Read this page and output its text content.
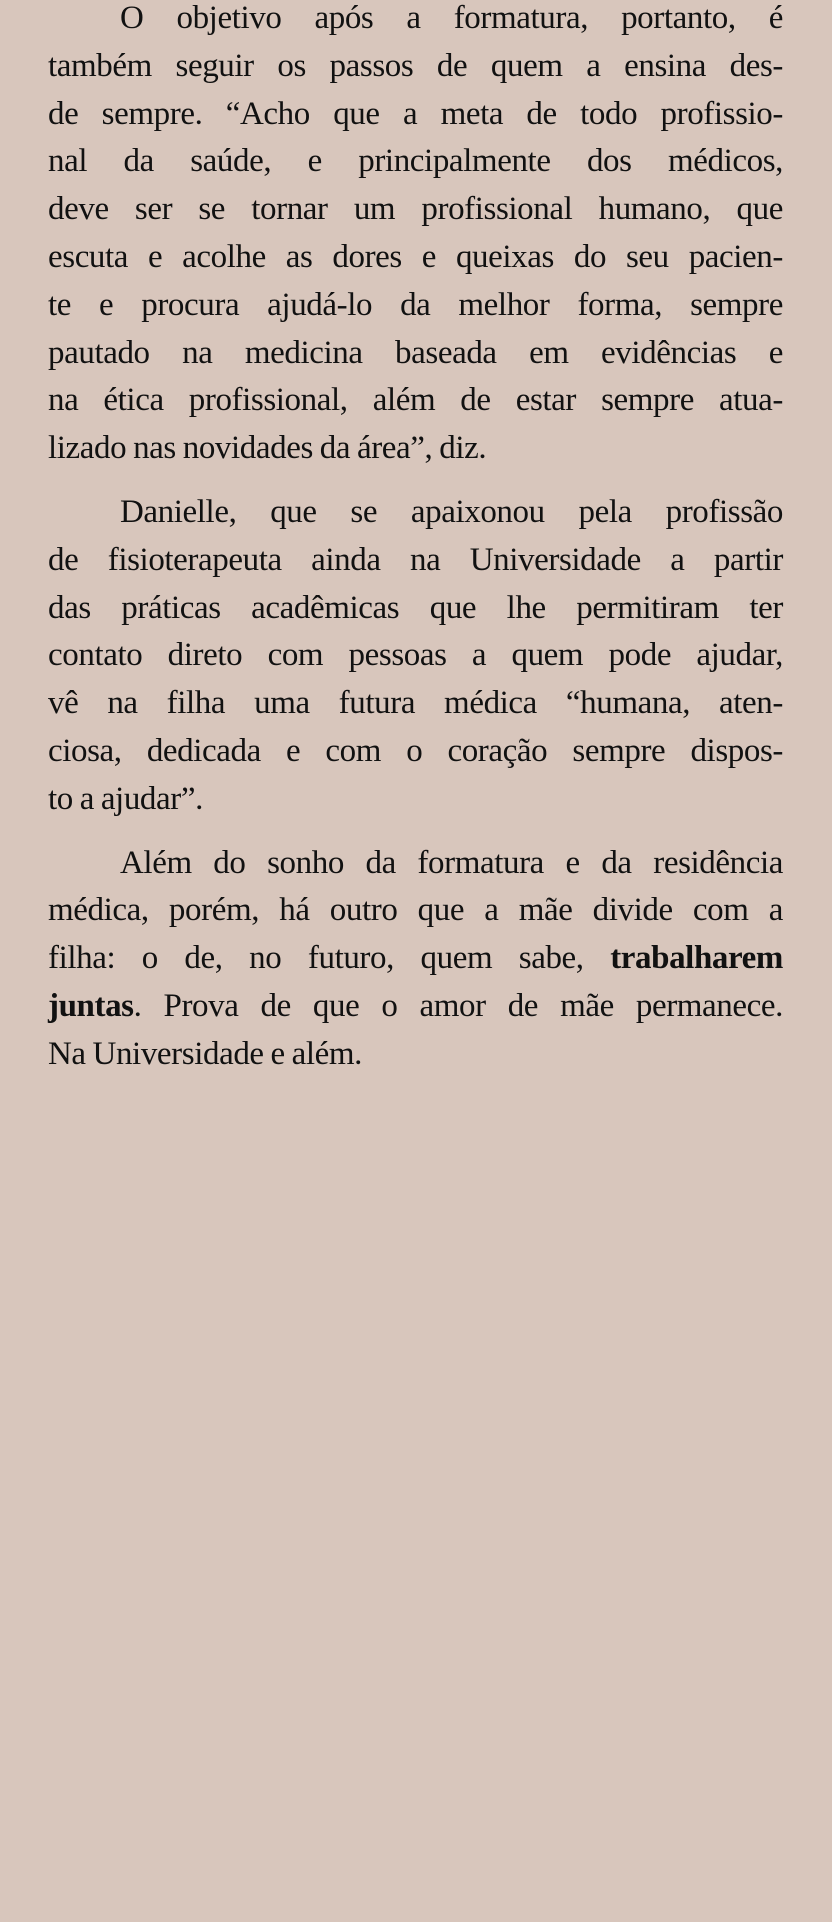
O objetivo após a formatura, portanto, é
também seguir os passos de quem a ensina des-
de sempre. “Acho que a meta de todo profissio-
nal da saúde, e principalmente dos médicos,
deve ser se tornar um profissional humano, que
escuta e acolhe as dores e queixas do seu pacien-
te e procura ajudá-lo da melhor forma, sempre
pautado na medicina baseada em evidências e
na ética profissional, além de estar sempre atua-
lizado nas novidades da área”, diz.
Danielle, que se apaixonou pela profissão
de fisioterapeuta ainda na Universidade a partir
das práticas acadêmicas que lhe permitiram ter
contato direto com pessoas a quem pode ajudar,
vê na filha uma futura médica “humana, aten-
ciosa, dedicada e com o coração sempre dispos-
to a ajudar”.
Além do sonho da formatura e da residência
médica, porém, há outro que a mãe divide com a
filha: o de, no futuro, quem sabe, trabalharem
juntas. Prova de que o amor de mãe permanece.
Na Universidade e além.
